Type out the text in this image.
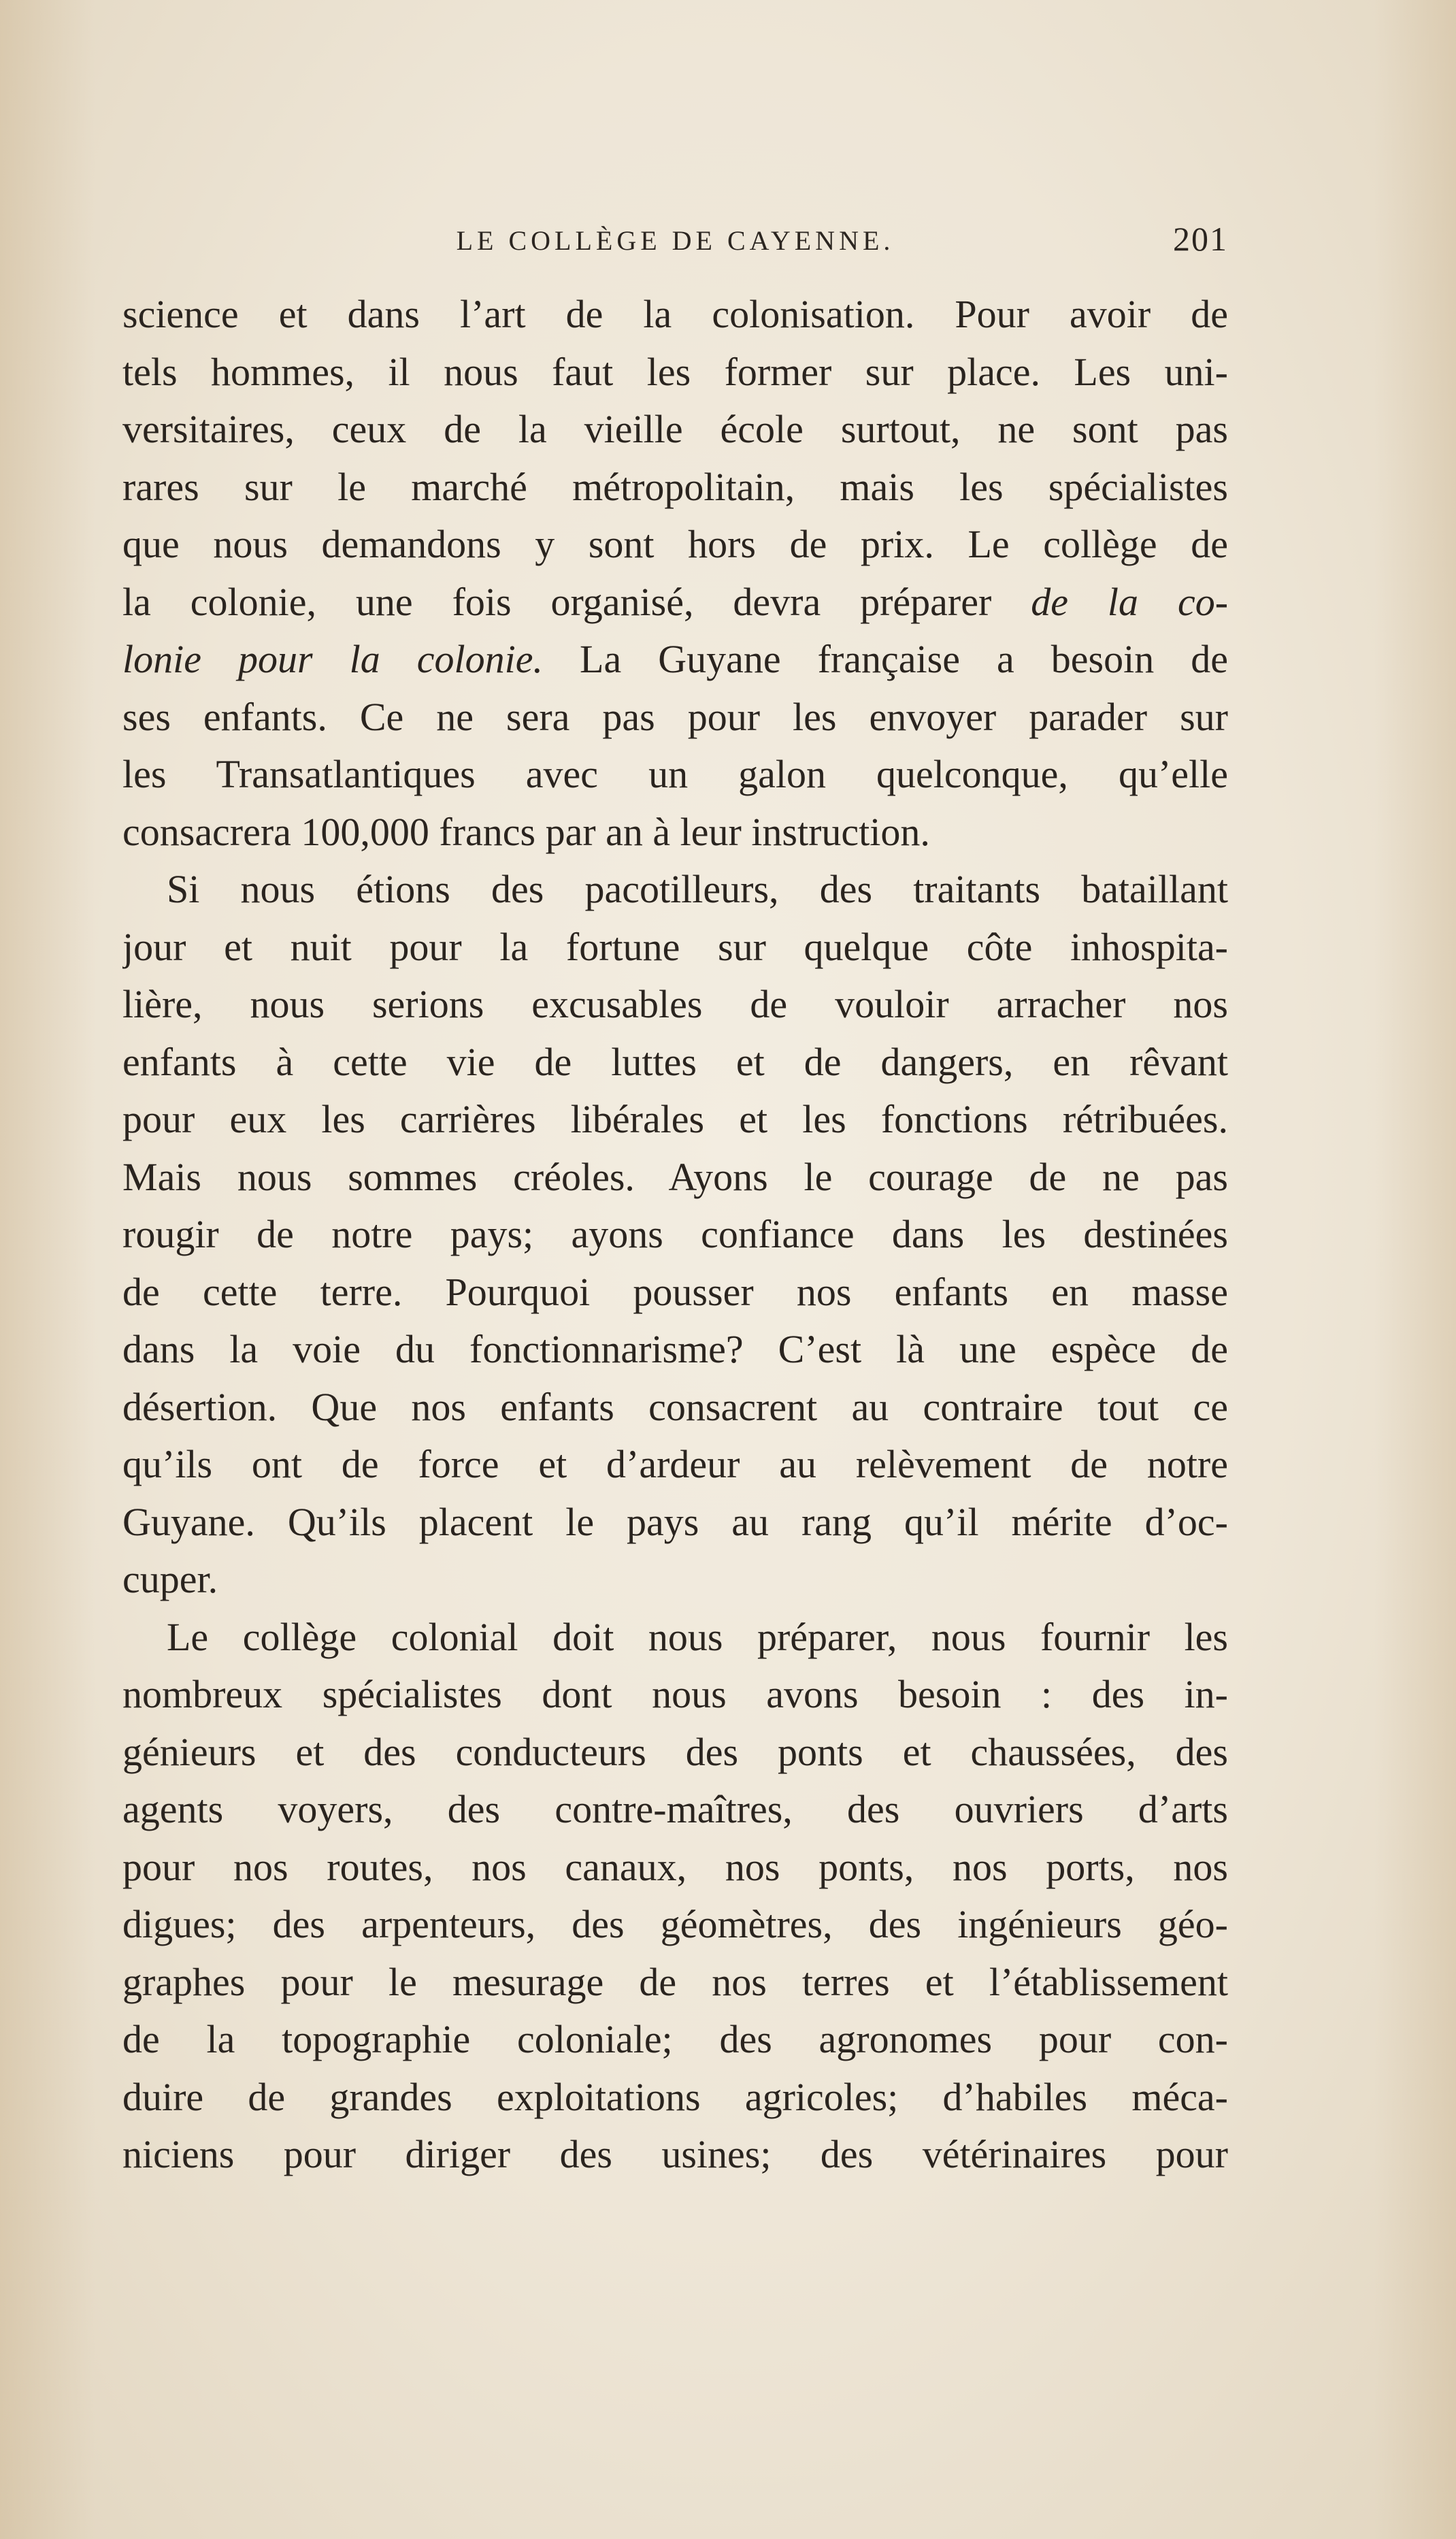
LE COLLÈGE DE CAYENNE.	201
science et dans l’art de la colonisation. Pour avoir de
tels hommes, il nous faut les former sur place. Les uni-
versitaires, ceux de la vieille école surtout, ne sont pas
rares sur le marché métropolitain, mais les spécialistes
que nous demandons y sont hors de prix. Le collège de
la colonie, une fois organisé, devra préparer de la co-
lonie pour la colonie. La Guyane française a besoin de
ses enfants. Ce ne sera pas pour les envoyer parader sur
les Transatlantiques avec un galon quelconque, qu’elle
consacrera 100,000 francs par an à leur instruction.
Si nous étions des pacotilleurs, des traitants bataillant
jour et nuit pour la fortune sur quelque côte inhospita-
lière, nous serions excusables de vouloir arracher nos
enfants à cette vie de luttes et de dangers, en rêvant
pour eux les carrières libérales et les fonctions rétribuées.
Mais nous sommes créoles. Ayons le courage de ne pas
rougir de notre pays; ayons confiance dans les destinées
de cette terre. Pourquoi pousser nos enfants en masse
dans la voie du fonctionnarisme? C’est là une espèce de
désertion. Que nos enfants consacrent au contraire tout ce
qu’ils ont de force et d’ardeur au relèvement de notre
Guyane. Qu’ils placent le pays au rang qu’il mérite d’oc-
cuper.
Le collège colonial doit nous préparer, nous fournir les
nombreux spécialistes dont nous avons besoin : des in-
génieurs et des conducteurs des ponts et chaussées, des
agents voyers, des contre-maîtres, des ouvriers d’arts
pour nos routes, nos canaux, nos ponts, nos ports, nos
digues; des arpenteurs, des géomètres, des ingénieurs géo-
graphes pour le mesurage de nos terres et l’établissement
de la topographie coloniale; des agronomes pour con-
duire de grandes exploitations agricoles; d’habiles méca-
niciens pour diriger des usines; des vétérinaires pour
